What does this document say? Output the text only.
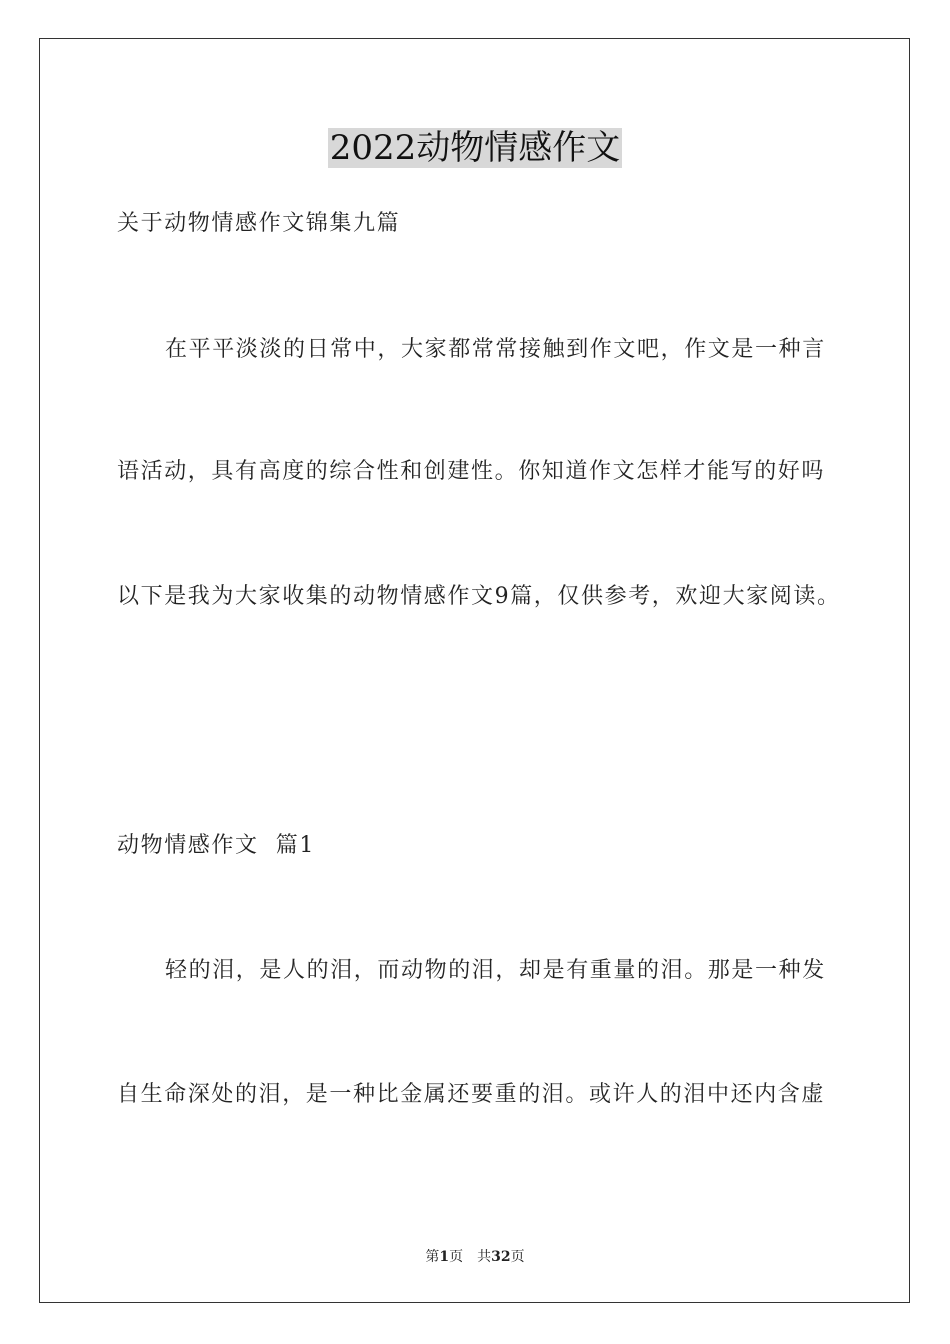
2022动物情感作文
关于动物情感作文锦集九篇
在平平淡淡的日常中，大家都常常接触到作文吧，作文是一种言
语活动，具有高度的综合性和创建性。你知道作文怎样才能写的好吗
以下是我为大家收集的动物情感作文9篇，仅供参考，欢迎大家阅读。
动物情感作文  篇1
轻的泪，是人的泪，而动物的泪，却是有重量的泪。那是一种发
自生命深处的泪，是一种比金属还要重的泪。或许人的泪中还内含虚
第1页 共32页
